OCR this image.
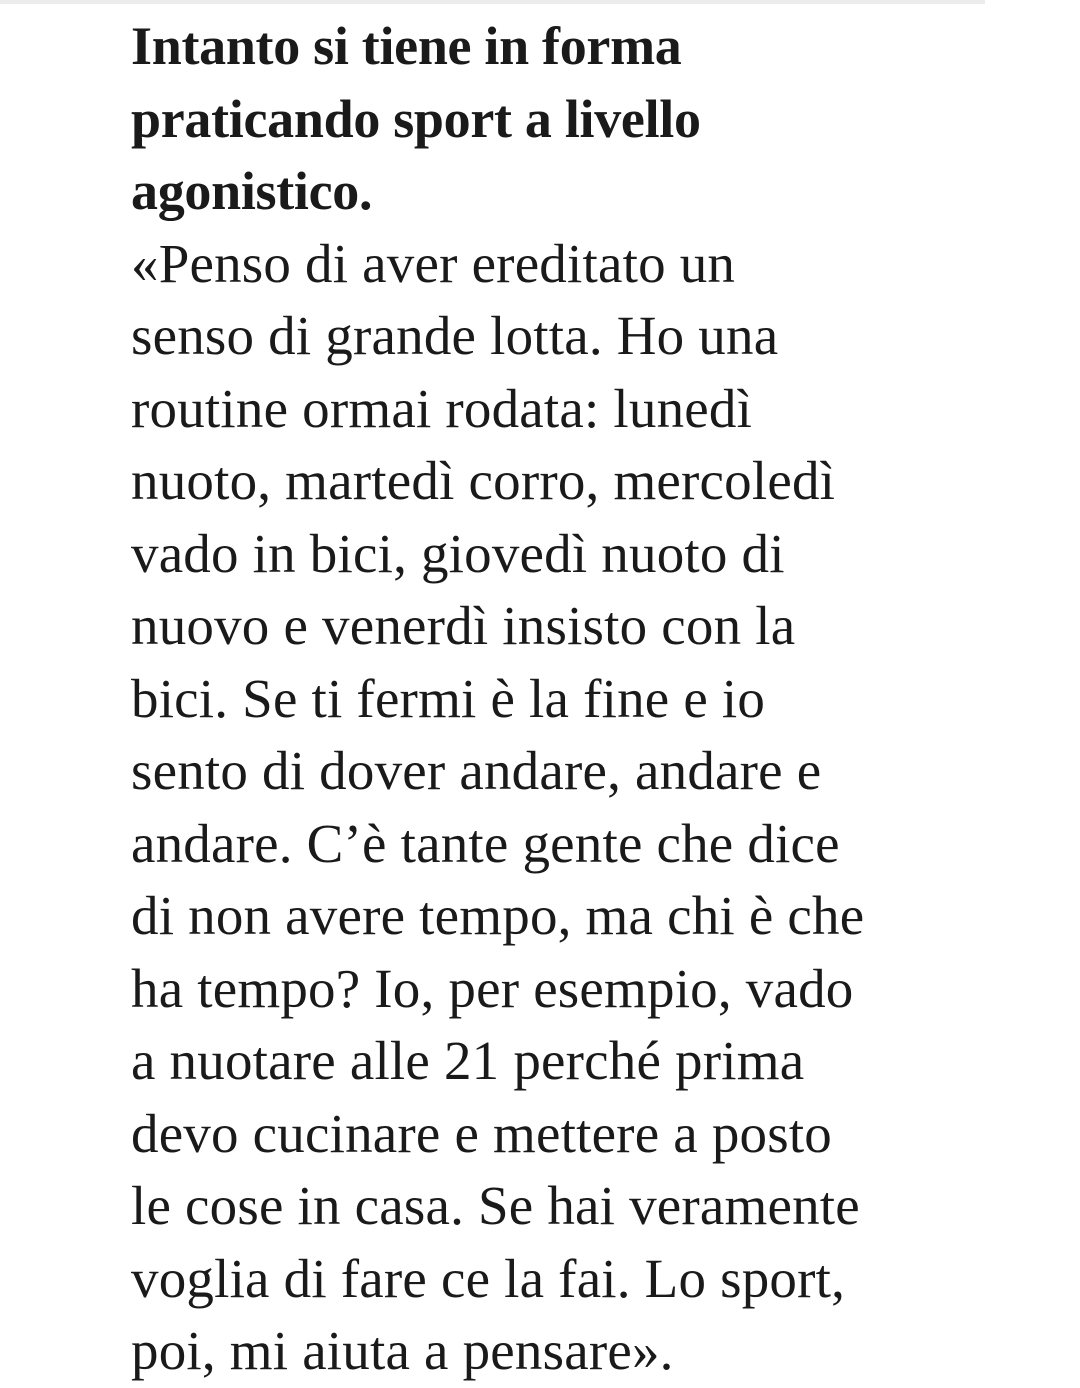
Intanto si tiene in forma
praticando sport a livello
agonistico.

«Penso di aver ereditato un
senso di grande lotta. Ho una
routine ormai rodata: lunedì
nuoto, martedì corro, mercoledì
vado in bici, giovedì nuoto di
nuovo e venerdì insisto con la
bici. Se ti fermi è la fine e io
sento di dover andare, andare e
andare. C’è tante gente che dice
di non avere tempo, ma chi è che
ha tempo? Io, per esempio, vado
a nuotare alle 21 perché prima
devo cucinare e mettere a posto
le cose in casa. Se hai veramente
voglia di fare ce la fai. Lo sport,
poi, mi aiuta a pensare».
